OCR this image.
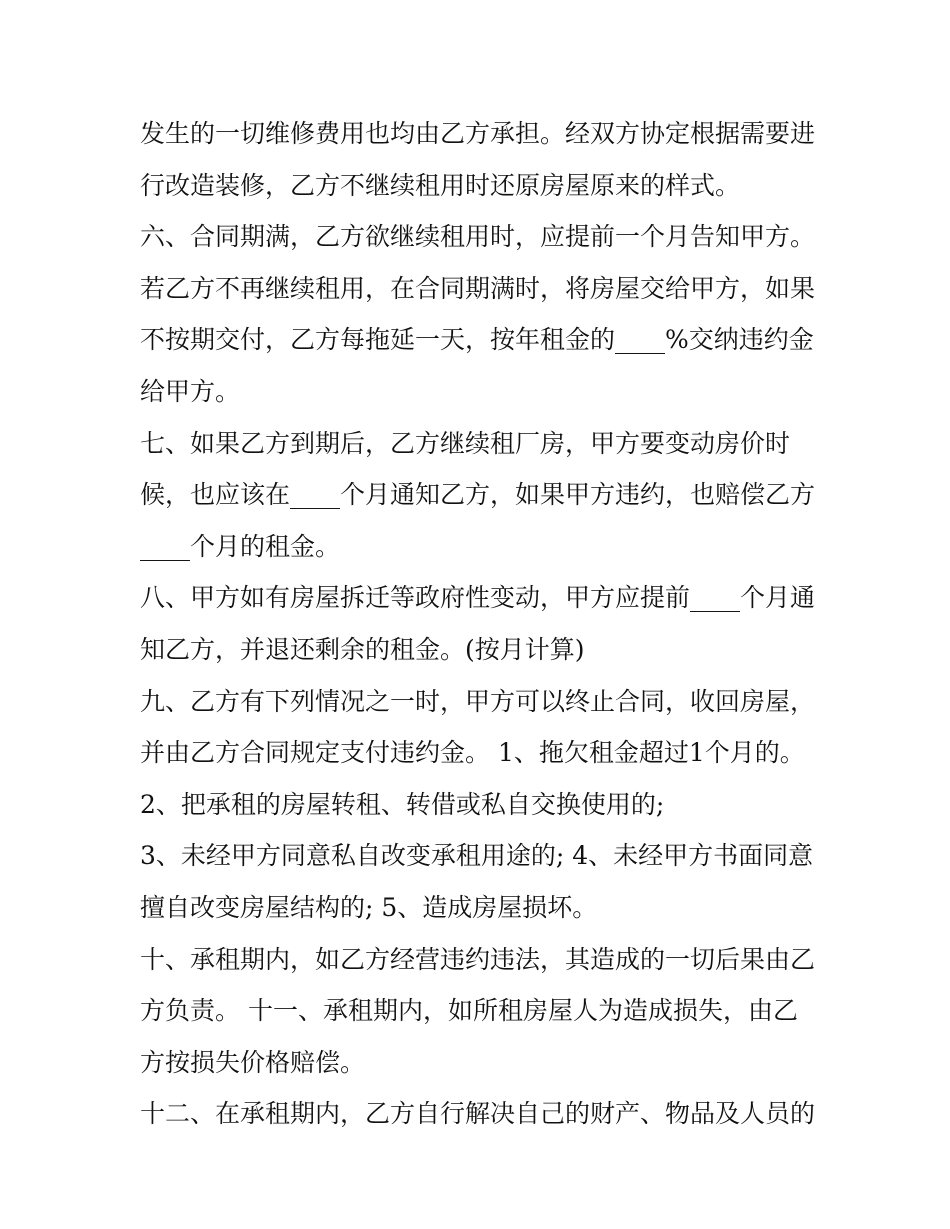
发生的一切维修费用也均由乙方承担。经双方协定根据需要进
行改造装修，乙方不继续租用时还原房屋原来的样式。
六、合同期满，乙方欲继续租用时，应提前一个月告知甲方。
若乙方不再继续租用，在合同期满时，将房屋交给甲方，如果
不按期交付，乙方每拖延一天，按年租金的____%交纳违约金
给甲方。
七、如果乙方到期后，乙方继续租厂房，甲方要变动房价时
候，也应该在____个月通知乙方，如果甲方违约，也赔偿乙方
____个月的租金。
八、甲方如有房屋拆迁等政府性变动，甲方应提前____个月通
知乙方，并退还剩余的租金。(按月计算)
九、乙方有下列情况之一时，甲方可以终止合同，收回房屋，
并由乙方合同规定支付违约金。 1、拖欠租金超过1个月的。
2、把承租的房屋转租、转借或私自交换使用的;
3、未经甲方同意私自改变承租用途的; 4、未经甲方书面同意
擅自改变房屋结构的; 5、造成房屋损坏。
十、承租期内，如乙方经营违约违法，其造成的一切后果由乙
方负责。 十一、承租期内，如所租房屋人为造成损失，由乙
方按损失价格赔偿。
十二、在承租期内，乙方自行解决自己的财产、物品及人员的
